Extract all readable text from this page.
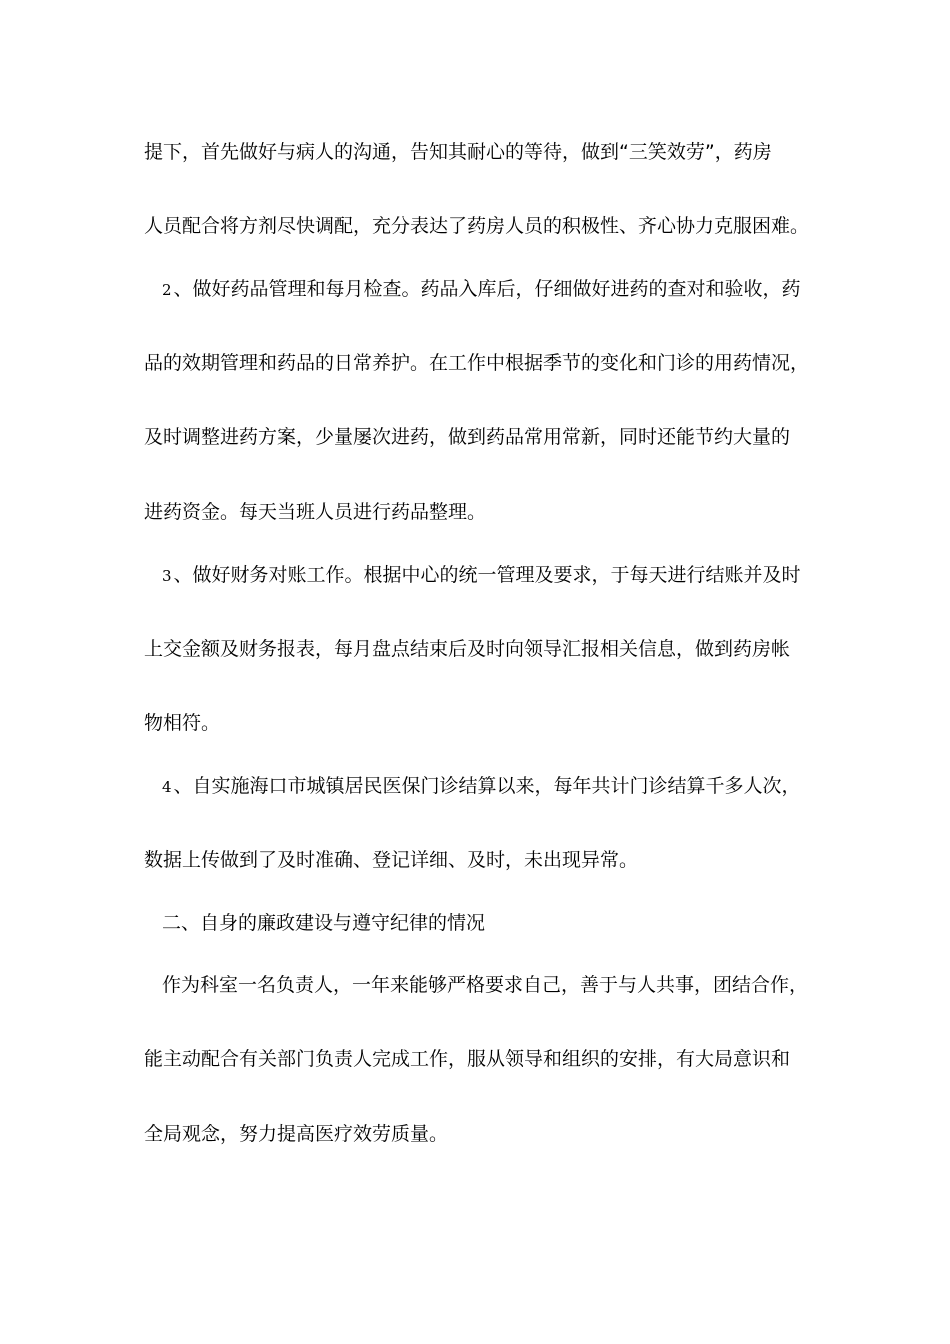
提下，首先做好与病人的沟通，告知其耐心的等待，做到“三笑效劳”，药房
人员配合将方剂尽快调配，充分表达了药房人员的积极性、齐心协力克服困难。
2 、做好药品管理和每月检查。药品入库后，仔细做好进药的查对和验收，药
品的效期管理和药品的日常养护。在工作中根据季节的变化和门诊的用药情况，
及时调整进药方案，少量屡次进药，做到药品常用常新，同时还能节约大量的
进药资金。每天当班人员进行药品整理。
3 、做好财务对账工作。根据中心的统一管理及要求，于每天进行结账并及时
上交金额及财务报表，每月盘点结束后及时向领导汇报相关信息，做到药房帐
物相符。
4 、自实施海口市城镇居民医保门诊结算以来，每年共计门诊结算千多人次，
数据上传做到了及时准确、登记详细、及时，未出现异常。
二、自身的廉政建设与遵守纪律的情况
作为科室一名负责人，一年来能够严格要求自己，善于与人共事，团结合作，
能主动配合有关部门负责人完成工作，服从领导和组织的安排，有大局意识和
全局观念，努力提高医疗效劳质量。
